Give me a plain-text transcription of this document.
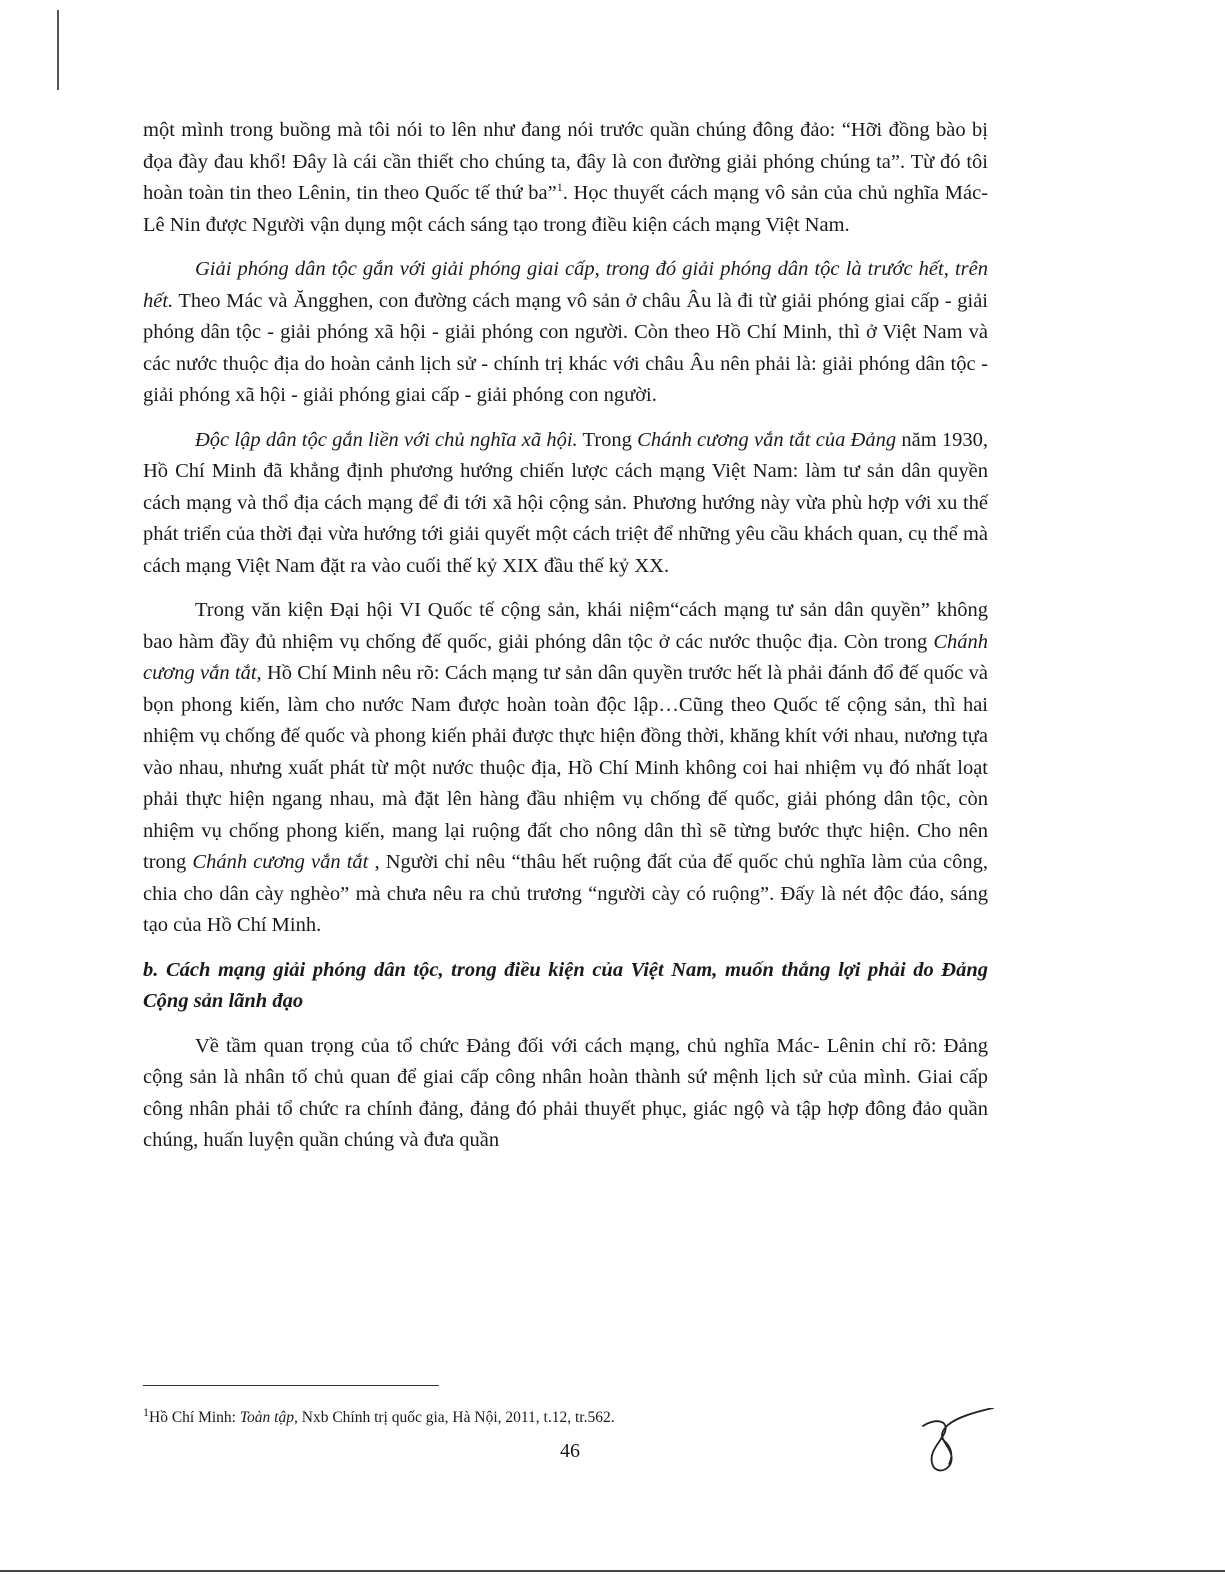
một mình trong buồng mà tôi nói to lên như đang nói trước quần chúng đông đảo: “Hỡi đồng bào bị đọa đày đau khổ! Đây là cái cần thiết cho chúng ta, đây là con đường giải phóng chúng ta”. Từ đó tôi hoàn toàn tin theo Lênin, tin theo Quốc tế thứ ba”$^1$. Học thuyết cách mạng vô sản của chủ nghĩa Mác- Lê Nin được Người vận dụng một cách sáng tạo trong điều kiện cách mạng Việt Nam.

Giải phóng dân tộc gắn với giải phóng giai cấp, trong đó giải phóng dân tộc là trước hết, trên hết. Theo Mác và Ăngghen, con đường cách mạng vô sản ở châu Âu là đi từ giải phóng giai cấp - giải phóng dân tộc - giải phóng xã hội - giải phóng con người. Còn theo Hồ Chí Minh, thì ở Việt Nam và các nước thuộc địa do hoàn cảnh lịch sử - chính trị khác với châu Âu nên phải là: giải phóng dân tộc - giải phóng xã hội - giải phóng giai cấp - giải phóng con người.

Độc lập dân tộc gắn liền với chủ nghĩa xã hội. Trong Chánh cương vắn tắt của Đảng năm 1930, Hồ Chí Minh đã khẳng định phương hướng chiến lược cách mạng Việt Nam: làm tư sản dân quyền cách mạng và thổ địa cách mạng để đi tới xã hội cộng sản. Phương hướng này vừa phù hợp với xu thế phát triển của thời đại vừa hướng tới giải quyết một cách triệt để những yêu cầu khách quan, cụ thể mà cách mạng Việt Nam đặt ra vào cuối thế kỷ XIX đầu thế kỷ XX.

Trong văn kiện Đại hội VI Quốc tế cộng sản, khái niệm“cách mạng tư sản dân quyền” không bao hàm đầy đủ nhiệm vụ chống đế quốc, giải phóng dân tộc ở các nước thuộc địa. Còn trong Chánh cương vắn tắt, Hồ Chí Minh nêu rõ: Cách mạng tư sản dân quyền trước hết là phải đánh đổ đế quốc và bọn phong kiến, làm cho nước Nam được hoàn toàn độc lập…Cũng theo Quốc tế cộng sản, thì hai nhiệm vụ chống đế quốc và phong kiến phải được thực hiện đồng thời, khăng khít với nhau, nương tựa vào nhau, nhưng xuất phát từ một nước thuộc địa, Hồ Chí Minh không coi hai nhiệm vụ đó nhất loạt phải thực hiện ngang nhau, mà đặt lên hàng đầu nhiệm vụ chống đế quốc, giải phóng dân tộc, còn nhiệm vụ chống phong kiến, mang lại ruộng đất cho nông dân thì sẽ từng bước thực hiện. Cho nên trong Chánh cương vắn tắt , Người chỉ nêu “thâu hết ruộng đất của đế quốc chủ nghĩa làm của công, chia cho dân cày nghèo” mà chưa nêu ra chủ trương “người cày có ruộng”. Đấy là nét độc đáo, sáng tạo của Hồ Chí Minh.

b. Cách mạng giải phóng dân tộc, trong điều kiện của Việt Nam, muốn thắng lợi phải do Đảng Cộng sản lãnh đạo

Về tầm quan trọng của tổ chức Đảng đối với cách mạng, chủ nghĩa Mác- Lênin chỉ rõ: Đảng cộng sản là nhân tố chủ quan để giai cấp công nhân hoàn thành sứ mệnh lịch sử của mình. Giai cấp công nhân phải tổ chức ra chính đảng, đảng đó phải thuyết phục, giác ngộ và tập hợp đông đảo quần chúng, huấn luyện quần chúng và đưa quần

$^1$Hồ Chí Minh: Toàn tập, Nxb Chính trị quốc gia, Hà Nội, 2011, t.12, tr.562.
46
